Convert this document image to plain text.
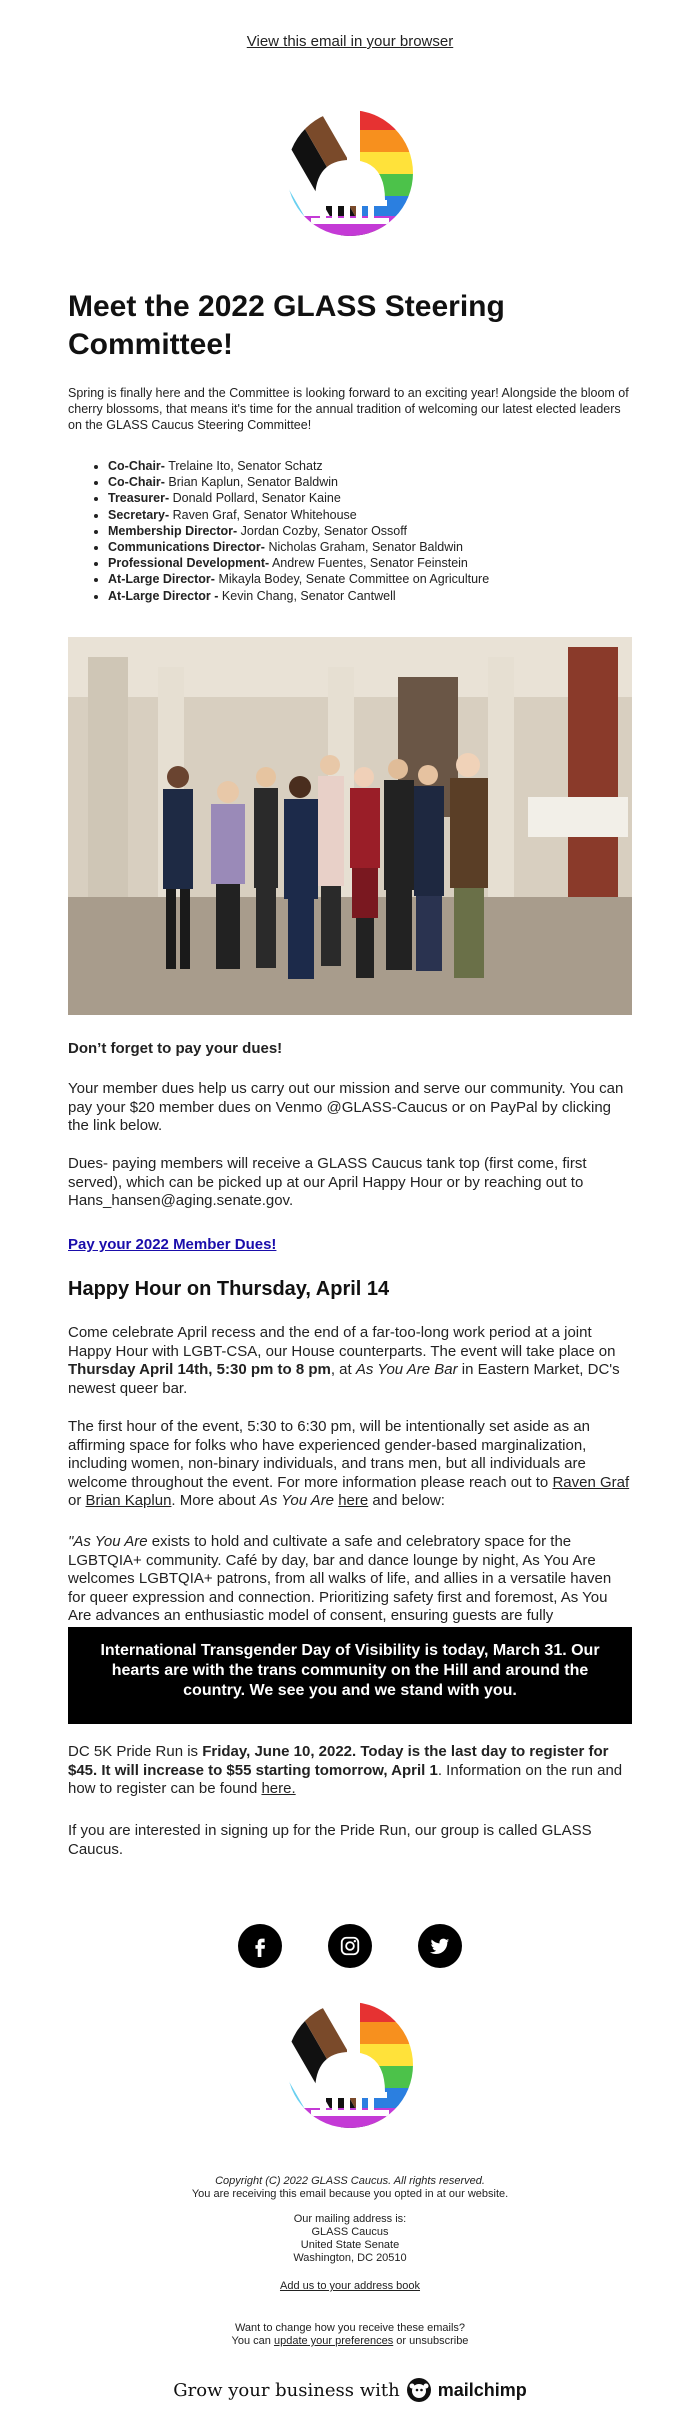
View this email in your browser
Meet the 2022 GLASS Steering Committee!
Spring is finally here and the Committee is looking forward to an exciting year! Alongside the bloom of cherry blossoms, that means it's time for the annual tradition of welcoming our latest elected leaders on the GLASS Caucus Steering Committee!
• Co-Chair- Trelaine Ito, Senator Schatz
• Co-Chair- Brian Kaplun, Senator Baldwin
• Treasurer- Donald Pollard, Senator Kaine
• Secretary- Raven Graf, Senator Whitehouse
• Membership Director- Jordan Cozby, Senator Ossoff
• Communications Director- Nicholas Graham, Senator Baldwin
• Professional Development- Andrew Fuentes, Senator Feinstein
• At-Large Director- Mikayla Bodey, Senate Committee on Agriculture
• At-Large Director - Kevin Chang, Senator Cantwell
Don’t forget to pay your dues!
Your member dues help us carry out our mission and serve our community. You can pay your $20 member dues on Venmo @GLASS-Caucus or on PayPal by clicking the link below.
Dues- paying members will receive a GLASS Caucus tank top (first come, first served), which can be picked up at our April Happy Hour or by reaching out to Hans_hansen@aging.senate.gov.
Pay your 2022 Member Dues!
Happy Hour on Thursday, April 14
Come celebrate April recess and the end of a far-too-long work period at a joint Happy Hour with LGBT-CSA, our House counterparts. The event will take place on Thursday April 14th, 5:30 pm to 8 pm, at As You Are Bar in Eastern Market, DC's newest queer bar.
The first hour of the event, 5:30 to 6:30 pm, will be intentionally set aside as an affirming space for folks who have experienced gender-based marginalization, including women, non-binary individuals, and trans men, but all individuals are welcome throughout the event. For more information please reach out to Raven Graf or Brian Kaplun. More about As You Are here and below:
"As You Are exists to hold and cultivate a safe and celebratory space for the LGBTQIA+ community. Café by day, bar and dance lounge by night, As You Are welcomes LGBTQIA+ patrons, from all walks of life, and allies in a versatile haven for queer expression and connection. Prioritizing safety first and foremost, As You Are advances an enthusiastic model of consent, ensuring guests are fully
International Transgender Day of Visibility is today, March 31. Our hearts are with the trans community on the Hill and around the country. We see you and we stand with you.
DC 5K Pride Run is Friday, June 10, 2022. Today is the last day to register for $45. It will increase to $55 starting tomorrow, April 1. Information on the run and how to register can be found here.
If you are interested in signing up for the Pride Run, our group is called GLASS Caucus.
Copyright (C) 2022 GLASS Caucus. All rights reserved.
You are receiving this email because you opted in at our website.
Our mailing address is:
GLASS Caucus
United State Senate
Washington, DC 20510
Add us to your address book
Want to change how you receive these emails?
You can update your preferences or unsubscribe
Grow your business with mailchimp
